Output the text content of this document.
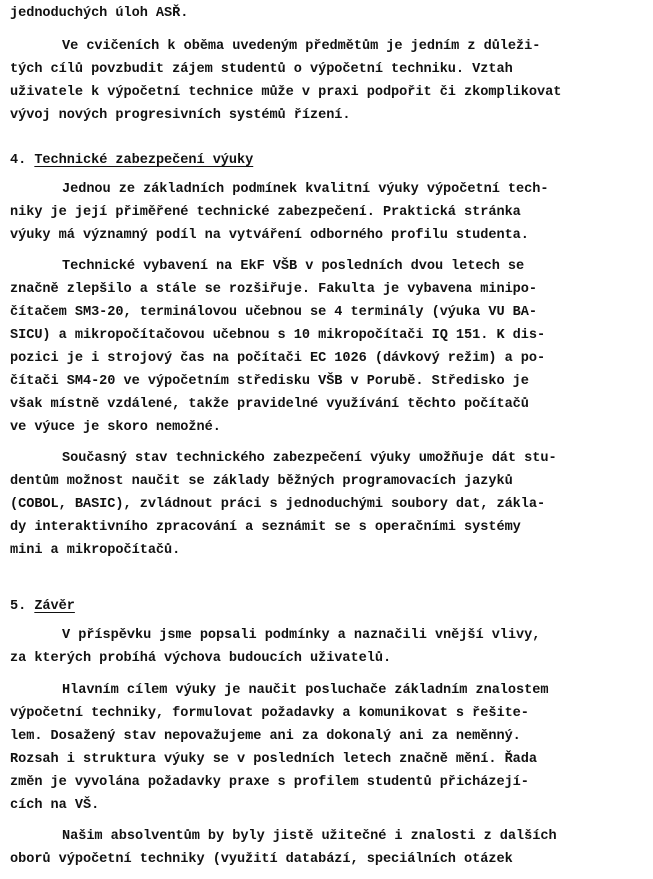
jednoduchých úloh ASŘ.
Ve cvičeních k oběma uvedeným předmětům je jedním z důleži-
tých cílů povzbudit zájem studentů o výpočetní techniku. Vztah
uživatele k výpočetní technice může v praxi podpořit či zkomplikovat
vývoj nových progresivních systémů řízení.
4. Technické zabezpečení výuky
Jednou ze základních podmínek kvalitní výuky výpočetní tech-
niky je její přiměřené technické zabezpečení. Praktická stránka
výuky má významný podíl na vytváření odborného profilu studenta.
Technické vybavení na EkF VŠB v posledních dvou letech se
značně zlepšilo a stále se rozšiřuje. Fakulta je vybavena minipo-
čítačem SM3-20, terminálovou učebnou se 4 terminály (výuka VU BA-
SICU) a mikropočítačovou učebnou s 10 mikropočítači IQ 151. K dis-
pozici je i strojový čas na počítači EC 1026 (dávkový režim) a po-
čítači SM4-20 ve výpočetním středisku VŠB v Porubě. Středisko je
však místně vzdálené, takže pravidelné využívání těchto počítačů
ve výuce je skoro nemožné.
Současný stav technického zabezpečení výuky umožňuje dát stu-
dentům možnost naučit se základy běžných programovacích jazyků
(COBOL, BASIC), zvládnout práci s jednoduchými soubory dat, zákla-
dy interaktivního zpracování a seznámit se s operačními systémy
mini a mikropočítačů.
5. Závěr
V příspěvku jsme popsali podmínky a naznačili vnější vlivy,
za kterých probíhá výchova budoucích uživatelů.
Hlavním cílem výuky je naučit posluchače základním znalostem
výpočetní techniky, formulovat požadavky a komunikovat s řešite-
lem. Dosažený stav nepovažujeme ani za dokonalý ani za neměnný.
Rozsah i struktura výuky se v posledních letech značně mění. Řada
změn je vyvolána požadavky praxe s profilem studentů přicházejí-
cích na VŠ.
Našim absolventům by byly jistě užitečné i znalosti z dalších
oborů výpočetní techniky (využití databází, speciálních otázek
